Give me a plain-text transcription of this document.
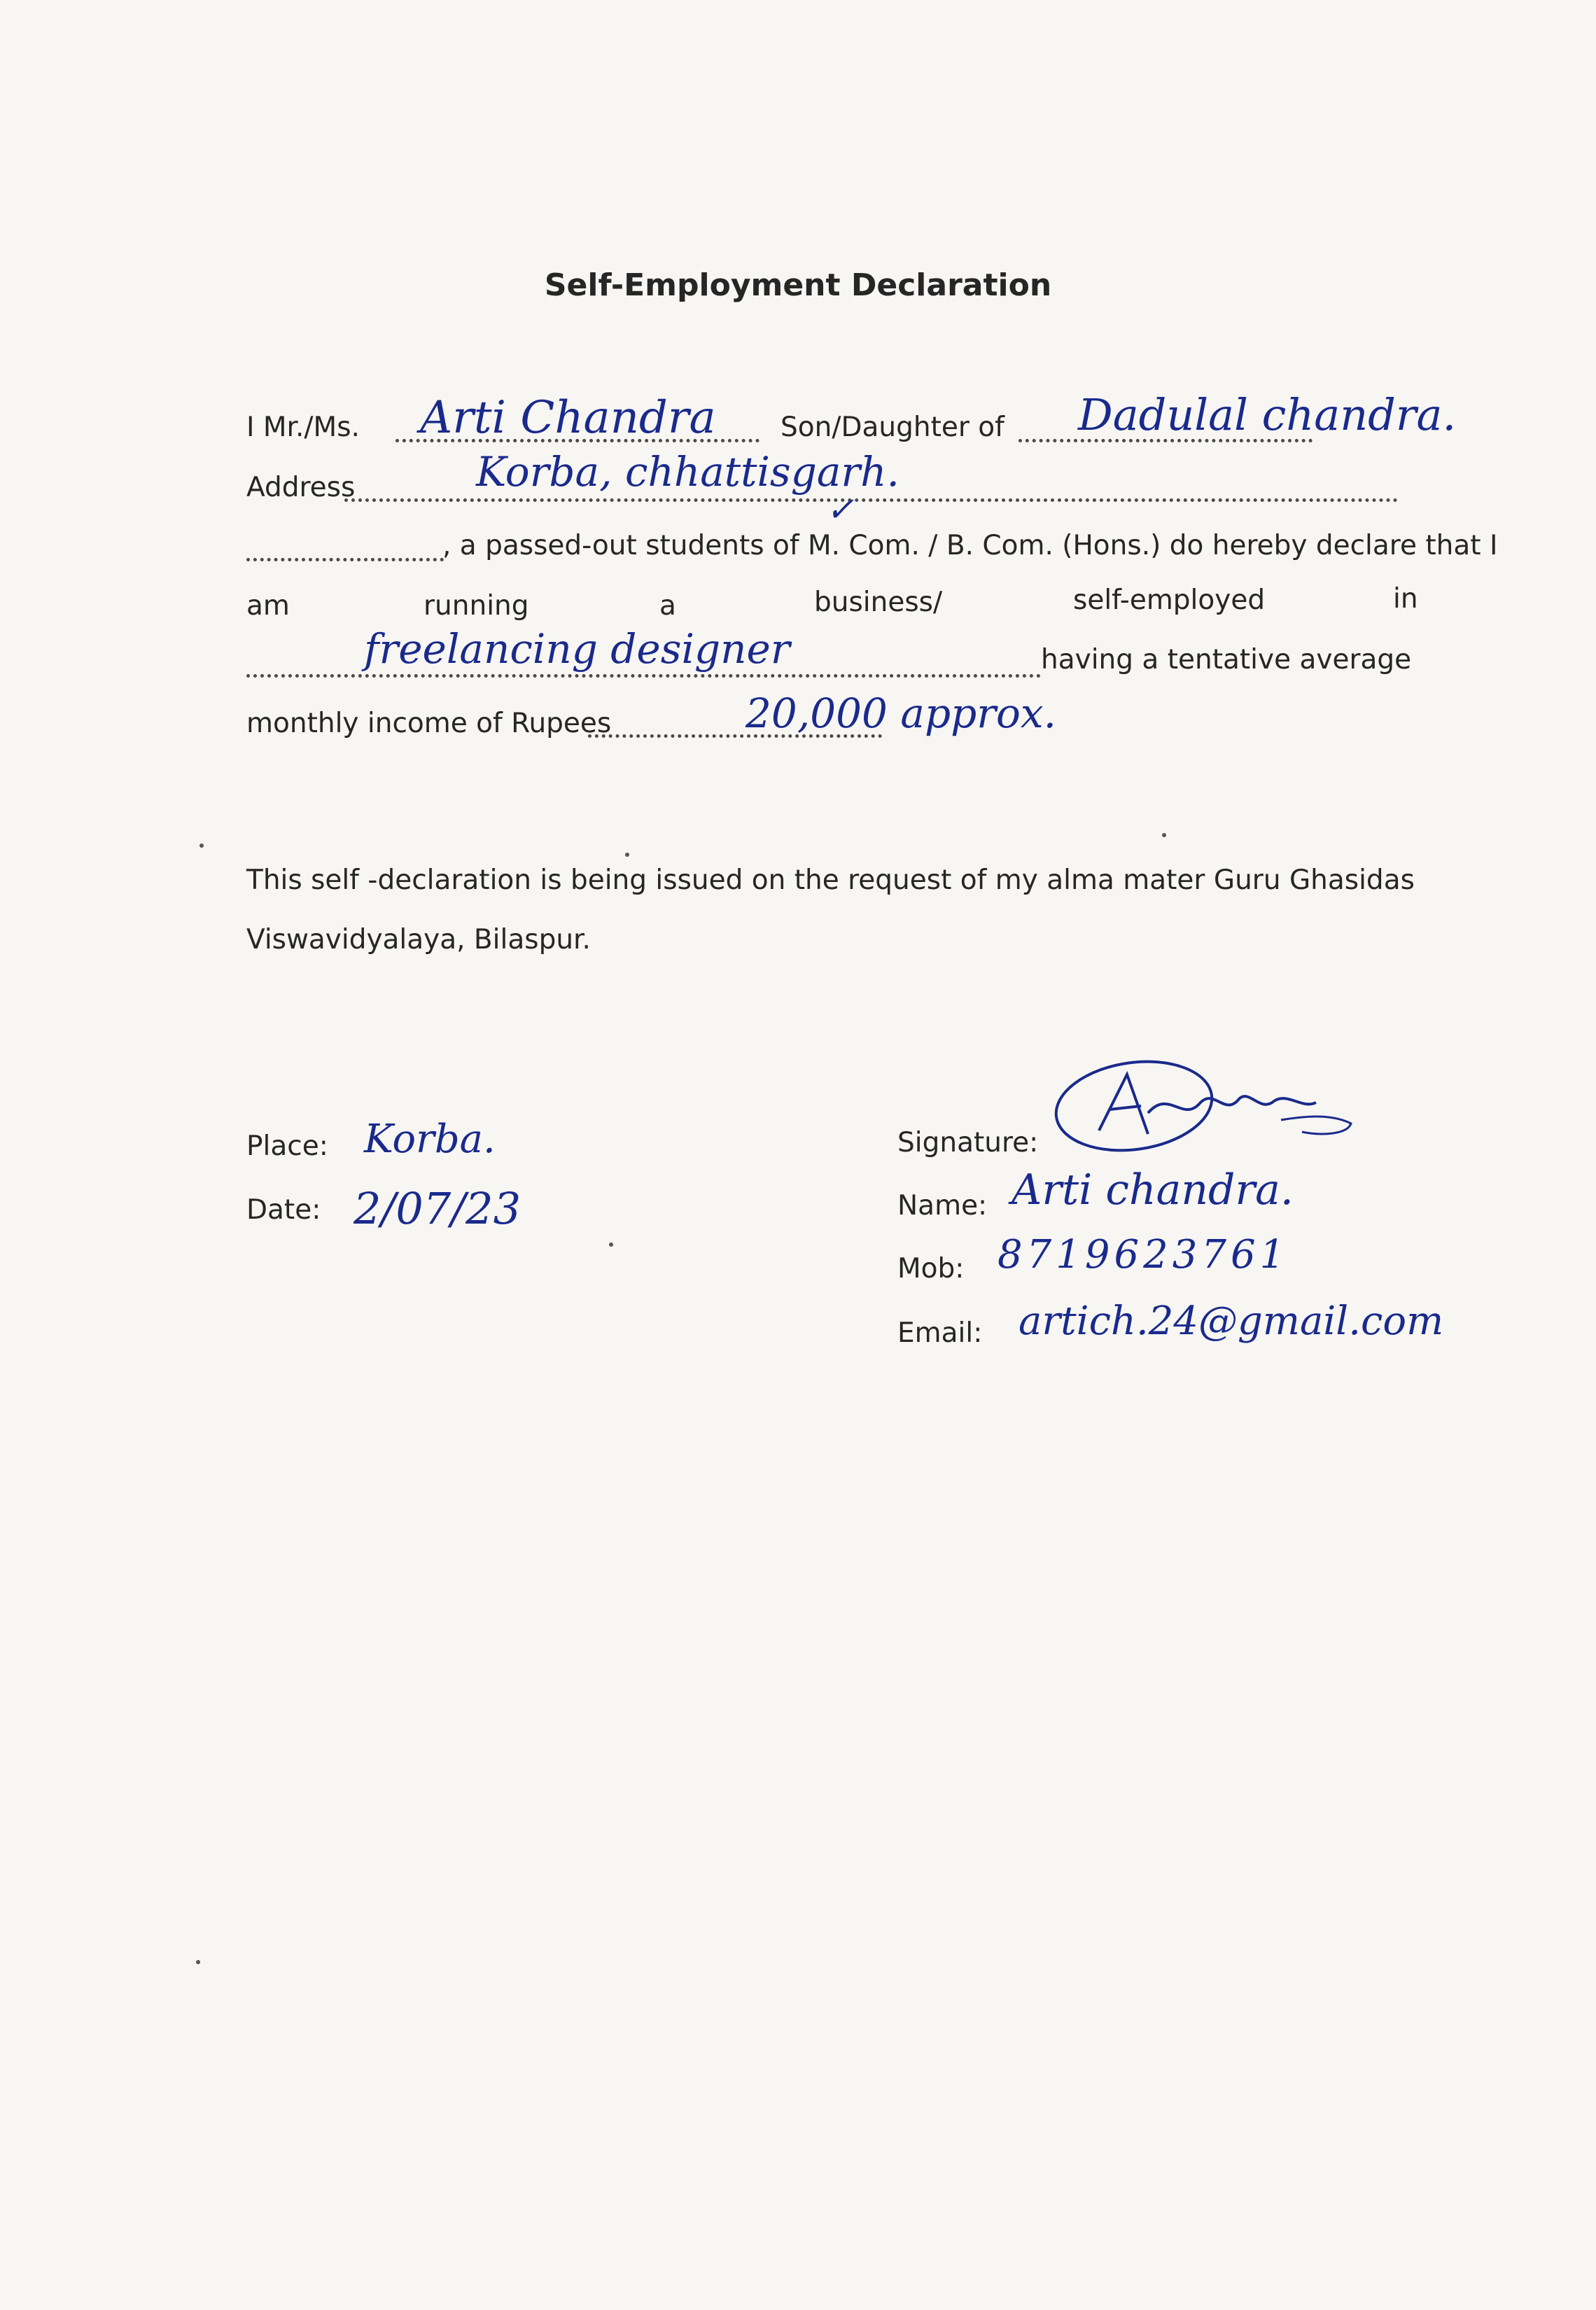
Self-Employment Declaration
I Mr./Ms. Arti Chandra Son/Daughter of Dadulal chandra.
Address	Korba, chhattisgarh.
, a passed-out students of M. Com. / B. Com. (Hons.) do hereby declare that I
✓
am	running	a	business/	self-employed	in
freelancing designer	having a tentative average
monthly income of Rupees	20,000 approx.
This self -declaration is being issued on the request of my alma mater Guru Ghasidas
Viswavidyalaya, Bilaspur.
Place: Korba.
Date: 2/07/23
Signature:
Name: Arti chandra.
Mob: 8719623761
Email: artich.24@gmail.com
